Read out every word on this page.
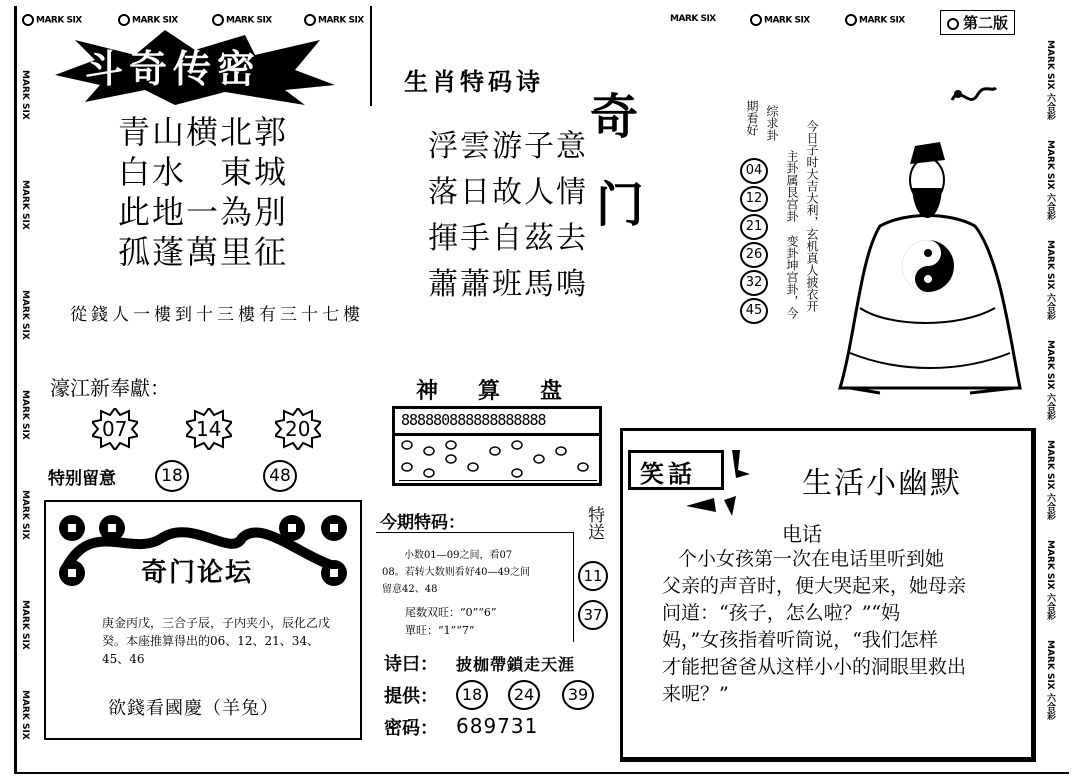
MARK SIX	MARK SIX	MARK SIX	MARK SIX	MARK SIX	MARK SIX	MARK SIX	第二版
MARK SIX
MARK SIX
MARK SIX
MARK SIX
MARK SIX
MARK SIX
MARK SIX
MARK SIX 六合彩
MARK SIX 六合彩
MARK SIX 六合彩
MARK SIX 六合彩
MARK SIX 六合彩
MARK SIX 六合彩
MARK SIX 六合彩
斗奇传密
青山横北郭
白水　東城
此地一為別
孤蓬萬里征
從錢人一樓到十三樓有三十七樓
濠江新奉獻：
07	14	20
特别留意	18	48
奇门论坛
庚金丙戊，三合子辰，子内夹小，辰化乙戊癸。本座推算得出的06、12、21、34、45、46
欲錢看國慶（羊兔）
生肖特码诗
浮雲游子意
落日故人情
揮手自茲去
蕭蕭班馬鳴
奇
门	今日子时大吉大利，玄机真人披衣开
变卦坤宫卦，今
主卦属艮宫卦
综求卦
期看好
04
12
21
26
32
45
神算盘
888880888888888888
今期特码：	特送
小数01—09之间，看07
08。若转大数则看好40—49之间
留意42、48
尾数双旺：“0”“6”
單旺：“1”“7”
11
37
诗曰： 披枷帶鎖走天涯
提供：	18	24	39
密码： 689731
笑話	生活小幽默
电话
个小女孩第一次在电话里听到她
父亲的声音时，便大哭起来，她母亲
问道：“孩子，怎么啦？”“妈
妈，”女孩指着听筒说，“我们怎样
才能把爸爸从这样小小的洞眼里救出
来呢？”
